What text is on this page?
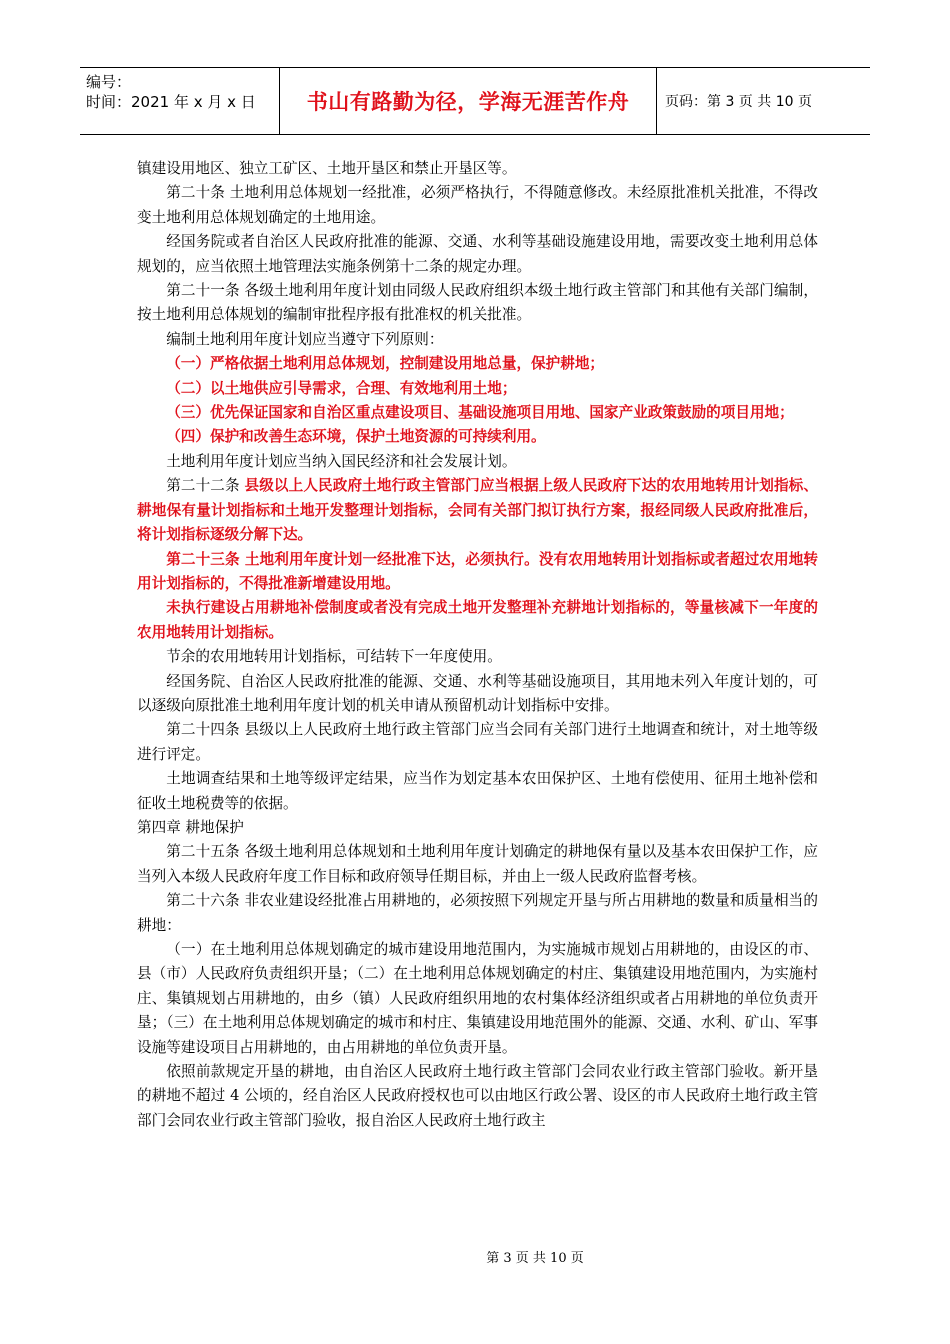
编号：
时间：2021 年 x 月 x 日	书山有路勤为径，学海无涯苦作舟	页码：第 3 页 共 10 页

镇建设用地区、独立工矿区、土地开垦区和禁止开垦区等。

第二十条 土地利用总体规划一经批准，必须严格执行，不得随意修改。未经原批准机关批准，不得改变土地利用总体规划确定的土地用途。

经国务院或者自治区人民政府批准的能源、交通、水利等基础设施建设用地，需要改变土地利用总体规划的，应当依照土地管理法实施条例第十二条的规定办理。

第二十一条 各级土地利用年度计划由同级人民政府组织本级土地行政主管部门和其他有关部门编制，按土地利用总体规划的编制审批程序报有批准权的机关批准。

编制土地利用年度计划应当遵守下列原则：

（一）严格依据土地利用总体规划，控制建设用地总量，保护耕地；

（二）以土地供应引导需求，合理、有效地利用土地；

（三）优先保证国家和自治区重点建设项目、基础设施项目用地、国家产业政策鼓励的项目用地；

（四）保护和改善生态环境，保护土地资源的可持续利用。

土地利用年度计划应当纳入国民经济和社会发展计划。

第二十二条 县级以上人民政府土地行政主管部门应当根据上级人民政府下达的农用地转用计划指标、耕地保有量计划指标和土地开发整理计划指标，会同有关部门拟订执行方案，报经同级人民政府批准后，将计划指标逐级分解下达。

第二十三条 土地利用年度计划一经批准下达，必须执行。没有农用地转用计划指标或者超过农用地转用计划指标的，不得批准新增建设用地。

未执行建设占用耕地补偿制度或者没有完成土地开发整理补充耕地计划指标的，等量核减下一年度的农用地转用计划指标。

节余的农用地转用计划指标，可结转下一年度使用。

经国务院、自治区人民政府批准的能源、交通、水利等基础设施项目，其用地未列入年度计划的，可以逐级向原批准土地利用年度计划的机关申请从预留机动计划指标中安排。

第二十四条 县级以上人民政府土地行政主管部门应当会同有关部门进行土地调查和统计，对土地等级进行评定。

土地调查结果和土地等级评定结果，应当作为划定基本农田保护区、土地有偿使用、征用土地补偿和征收土地税费等的依据。

第四章 耕地保护

第二十五条 各级土地利用总体规划和土地利用年度计划确定的耕地保有量以及基本农田保护工作，应当列入本级人民政府年度工作目标和政府领导任期目标，并由上一级人民政府监督考核。

第二十六条 非农业建设经批准占用耕地的，必须按照下列规定开垦与所占用耕地的数量和质量相当的耕地：

（一）在土地利用总体规划确定的城市建设用地范围内，为实施城市规划占用耕地的，由设区的市、县（市）人民政府负责组织开垦；（二）在土地利用总体规划确定的村庄、集镇建设用地范围内，为实施村庄、集镇规划占用耕地的，由乡（镇）人民政府组织用地的农村集体经济组织或者占用耕地的单位负责开垦；（三）在土地利用总体规划确定的城市和村庄、集镇建设用地范围外的能源、交通、水利、矿山、军事设施等建设项目占用耕地的，由占用耕地的单位负责开垦。

依照前款规定开垦的耕地，由自治区人民政府土地行政主管部门会同农业行政主管部门验收。新开垦的耕地不超过 4 公顷的，经自治区人民政府授权也可以由地区行政公署、设区的市人民政府土地行政主管部门会同农业行政主管部门验收，报自治区人民政府土地行政主

第 3 页 共 10 页
